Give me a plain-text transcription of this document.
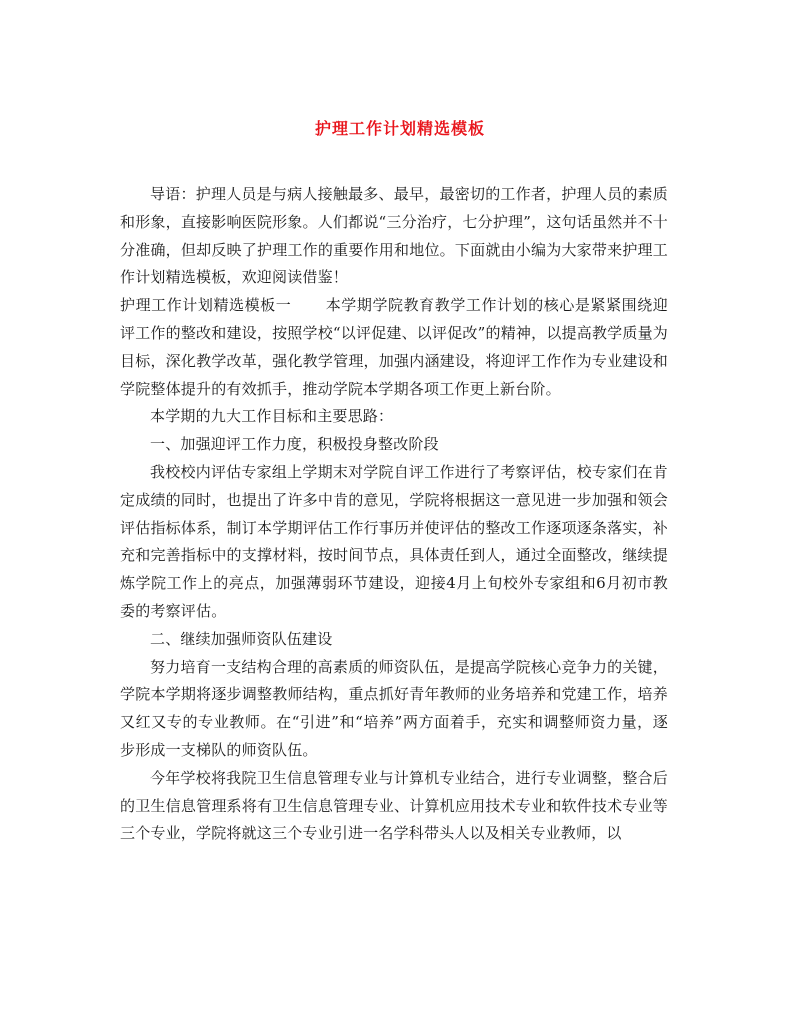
护理工作计划精选模板

导语：护理人员是与病人接触最多、最早，最密切的工作者，护理人员的素质和形象，直接影响医院形象。人们都说“三分治疗，七分护理”，这句话虽然并不十分准确，但却反映了护理工作的重要作用和地位。下面就由小编为大家带来护理工作计划精选模板，欢迎阅读借鉴！

护理工作计划精选模板一 本学期学院教育教学工作计划的核心是紧紧围绕迎评工作的整改和建设，按照学校“以评促建、以评促改”的精神，以提高教学质量为目标，深化教学改革，强化教学管理，加强内涵建设，将迎评工作作为专业建设和学院整体提升的有效抓手，推动学院本学期各项工作更上新台阶。

本学期的九大工作目标和主要思路：

一、加强迎评工作力度，积极投身整改阶段

我校校内评估专家组上学期末对学院自评工作进行了考察评估，校专家们在肯定成绩的同时，也提出了许多中肯的意见，学院将根据这一意见进一步加强和领会评估指标体系，制订本学期评估工作行事历并使评估的整改工作逐项逐条落实，补充和完善指标中的支撑材料，按时间节点，具体责任到人，通过全面整改，继续提炼学院工作上的亮点，加强薄弱环节建设，迎接4月上旬校外专家组和6月初市教委的考察评估。

二、继续加强师资队伍建设

努力培育一支结构合理的高素质的师资队伍，是提高学院核心竞争力的关键，学院本学期将逐步调整教师结构，重点抓好青年教师的业务培养和党建工作，培养又红又专的专业教师。在“引进”和“培养”两方面着手，充实和调整师资力量，逐步形成一支梯队的师资队伍。

今年学校将我院卫生信息管理专业与计算机专业结合，进行专业调整，整合后的卫生信息管理系将有卫生信息管理专业、计算机应用技术专业和软件技术专业等三个专业，学院将就这三个专业引进一名学科带头人以及相关专业教师，以
